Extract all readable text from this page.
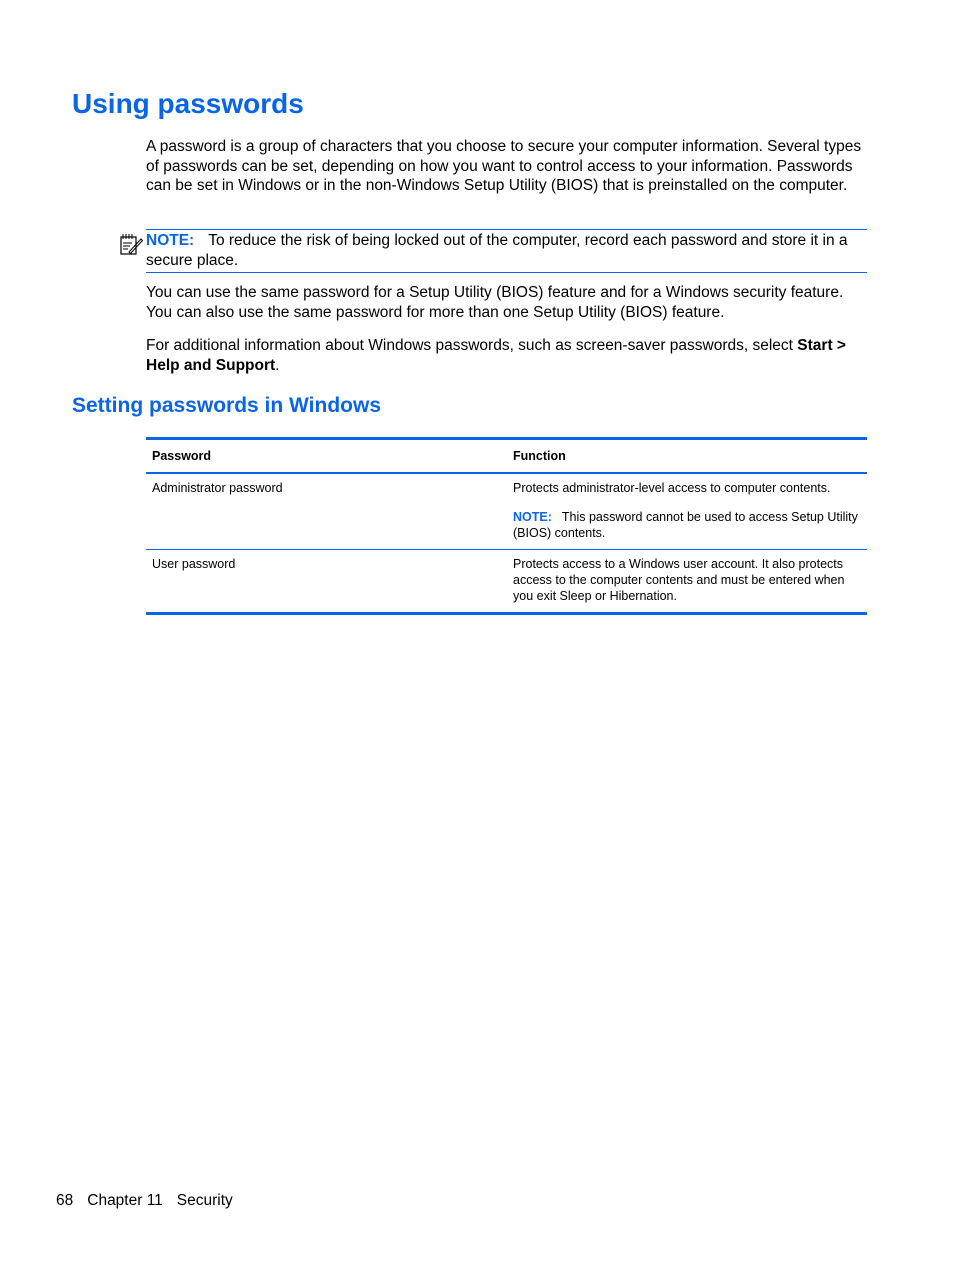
Using passwords

A password is a group of characters that you choose to secure your computer information. Several types of passwords can be set, depending on how you want to control access to your information. Passwords can be set in Windows or in the non-Windows Setup Utility (BIOS) that is preinstalled on the computer.

NOTE: To reduce the risk of being locked out of the computer, record each password and store it in a secure place.

You can use the same password for a Setup Utility (BIOS) feature and for a Windows security feature. You can also use the same password for more than one Setup Utility (BIOS) feature.

For additional information about Windows passwords, such as screen-saver passwords, select Start > Help and Support.

Setting passwords in Windows
Password	Function
Administrator password	Protects administrator-level access to computer contents.
NOTE: This password cannot be used to access Setup Utility (BIOS) contents.

User password	Protects access to a Windows user account. It also protects access to the computer contents and must be entered when you exit Sleep or Hibernation.
68 Chapter 11 Security
